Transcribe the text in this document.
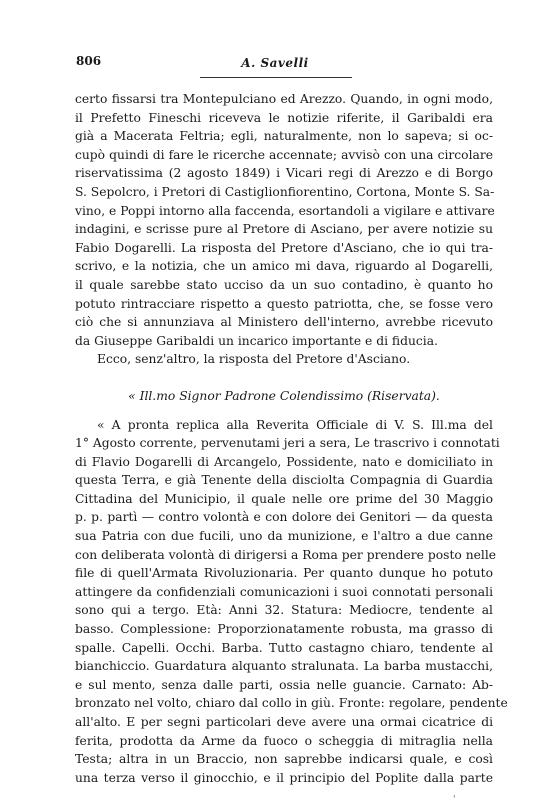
806	A. Savelli
certo fissarsi tra Montepulciano ed Arezzo. Quando, in ogni modo,
il Prefetto Fineschi riceveva le notizie riferite, il Garibaldi era
già a Macerata Feltria; egli, naturalmente, non lo sapeva; si oc-
cupò quindi di fare le ricerche accennate; avvisò con una circolare
riservatissima (2 agosto 1849) i Vicari regi di Arezzo e di Borgo
S. Sepolcro, i Pretori di Castiglionfiorentino, Cortona, Monte S. Sa-
vino, e Poppi intorno alla faccenda, esortandoli a vigilare e attivare
indagini, e scrisse pure al Pretore di Asciano, per avere notizie su
Fabio Dogarelli. La risposta del Pretore d'Asciano, che io qui tra-
scrivo, e la notizia, che un amico mi dava, riguardo al Dogarelli,
il quale sarebbe stato ucciso da un suo contadino, è quanto ho
potuto rintracciare rispetto a questo patriotta, che, se fosse vero
ciò che si annunziava al Ministero dell'interno, avrebbe ricevuto
da Giuseppe Garibaldi un incarico importante e di fiducia.
Ecco, senz'altro, la risposta del Pretore d'Asciano.
« Ill.mo Signor Padrone Colendissimo (Riservata).
« A pronta replica alla Reverita Officiale di V. S. Ill.ma del
1° Agosto corrente, pervenutami jeri a sera, Le trascrivo i connotati
di Flavio Dogarelli di Arcangelo, Possidente, nato e domiciliato in
questa Terra, e già Tenente della disciolta Compagnia di Guardia
Cittadina del Municipio, il quale nelle ore prime del 30 Maggio
p. p. partì — contro volontà e con dolore dei Genitori — da questa
sua Patria con due fucili, uno da munizione, e l'altro a due canne
con deliberata volontà di dirigersi a Roma per prendere posto nelle
file di quell'Armata Rivoluzionaria. Per quanto dunque ho potuto
attingere da confidenziali comunicazioni i suoi connotati personali
sono qui a tergo. Età: Anni 32. Statura: Mediocre, tendente al
basso. Complessione: Proporzionatamente robusta, ma grasso di
spalle. Capelli. Occhi. Barba. Tutto castagno chiaro, tendente al
bianchiccio. Guardatura alquanto stralunata. La barba mustacchi,
e sul mento, senza dalle parti, ossia nelle guancie. Carnato: Ab-
bronzato nel volto, chiaro dal collo in giù. Fronte: regolare, pendente
all'alto. E per segni particolari deve avere una ormai cicatrice di
ferita, prodotta da Arme da fuoco o scheggia di mitraglia nella
Testa; altra in un Braccio, non saprebbe indicarsi quale, e così
una terza verso il ginocchio, e il principio del Poplite dalla parte
'
